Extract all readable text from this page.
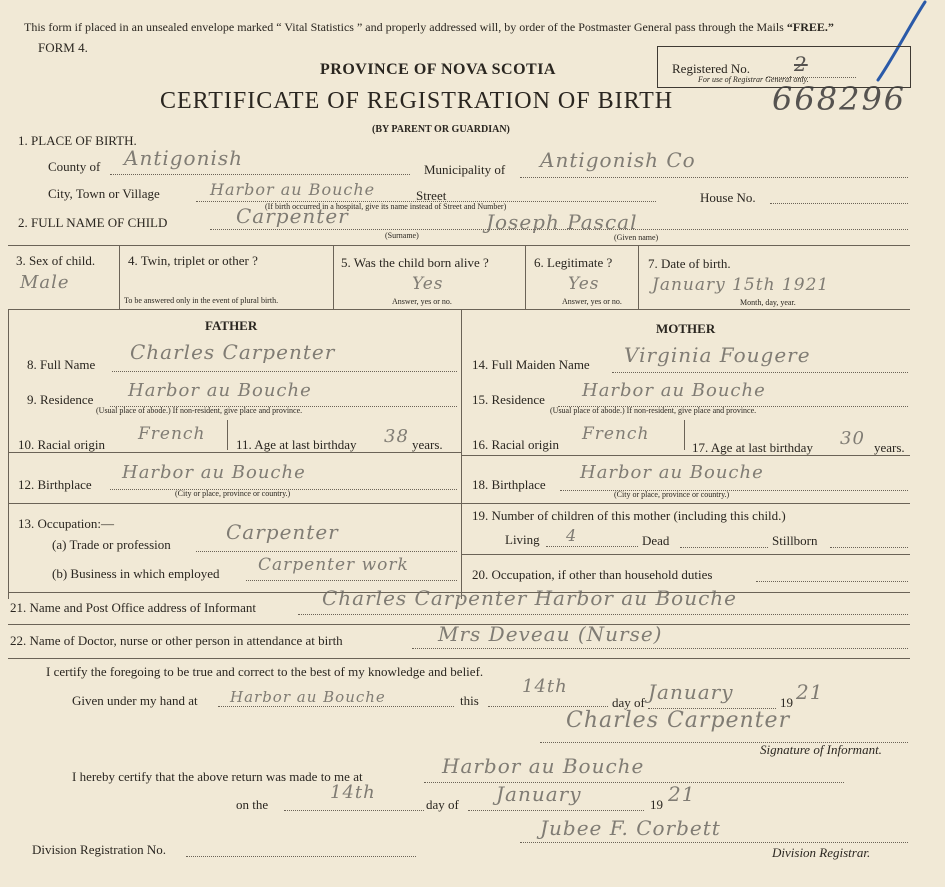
This form if placed in an unsealed envelope marked “ Vital Statistics ” and properly addressed will, by order of the Postmaster General pass through the Mails “FREE.”
FORM 4.
Registered No. 2
For use of Registrar General only.
PROVINCE OF NOVA SCOTIA
CERTIFICATE OF REGISTRATION OF BIRTH	668296
(BY PARENT OR GUARDIAN)
1. PLACE OF BIRTH.
County of Antigonish	Municipality of Antigonish Co
City, Town or Village	Harbor au Bouche	Street
(If birth occurred in a hospital, give its name instead of Street and Number)
House No.
2. FULL NAME OF CHILD	Carpenter	Joseph Pascal
(Surname)	(Given name)
3. Sex of child.
Male
4. Twin, triplet or other ?
To be answered only in the event of plural birth.
5. Was the child born alive ?
Yes
Answer, yes or no.
6. Legitimate ?
Yes
Answer, yes or no.
7. Date of birth.
January 15th 1921
Month, day, year.
FATHER	MOTHER
8. Full Name
Charles Carpenter
9. Residence Harbor au Bouche
(Usual place of abode.) If non-resident, give place and province.
10. Racial origin
French
11. Age at last birthday 38 years.
12. Birthplace
Harbor au Bouche
(City or place, province or country.)
13. Occupation:—
(a) Trade or profession
Carpenter
(b) Business in which employed Carpenter work
14. Full Maiden Name Virginia Fougere
15. Residence Harbor au Bouche
(Usual place of abode.) If non-resident, give place and province.
16. Racial origin
French
17. Age at last birthday 30 years.
18. Birthplace
Harbor au Bouche
(City or place, province or country.)
19. Number of children of this mother (including this child.)
Living 4	Dead	Stillborn
20. Occupation, if other than household duties
21. Name and Post Office address of Informant	Charles Carpenter Harbor au Bouche
22. Name of Doctor, nurse or other person in attendance at birth	Mrs Deveau (Nurse)
I certify the foregoing to be true and correct to the best of my knowledge and belief.
Given under my hand at Harbor au Bouche	this
14th
day of January	19 21
Charles Carpenter
Signature of Informant.
I hereby certify that the above return was made to me at	Harbor au Bouche
on the
14th
day of January	19 21
Jubee F. Corbett
Division Registration No.	Division Registrar.
